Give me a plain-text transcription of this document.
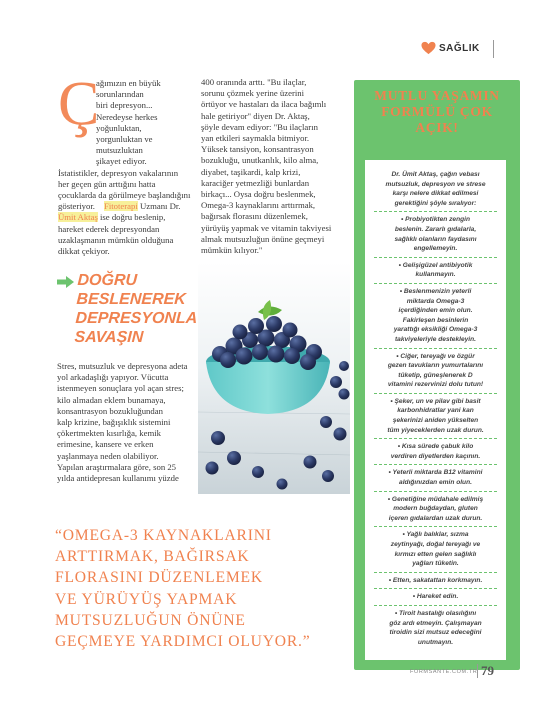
SAĞLIK
Ç
ağımızın en büyük
sorunlarından
biri depresyon...
Neredeyse herkes
yoğunluktan,
yorgunluktan ve
mutsuzluktan
şikayet ediyor.
İstatistikler, depresyon vakalarının
her geçen gün arttığını hatta
çocuklarda da görülmeye başlandığını
gösteriyor. Fitoterapi Uzmanı Dr.
Ümit Aktaş ise doğru beslenip,
hareket ederek depresyondan
uzaklaşmanın mümkün olduğuna
dikkat çekiyor.
400 oranında arttı. "Bu ilaçlar,
sorunu çözmek yerine üzerini
örtüyor ve hastaları da ilaca bağımlı
hale getiriyor" diyen Dr. Aktaş,
şöyle devam ediyor: "Bu ilaçların
yan etkileri saymakla bitmiyor.
Yüksek tansiyon, konsantrasyon
bozukluğu, unutkanlık, kilo alma,
diyabet, taşikardi, kalp krizi,
karaciğer yetmezliği bunlardan
birkaçı... Oysa doğru beslenmek,
Omega-3 kaynaklarını arttırmak,
bağırsak florasını düzenlemek,
yürüyüş yapmak ve vitamin takviyesi
almak mutsuzluğun önüne geçmeyi
mümkün kılıyor."
Stres, mutsuzluk ve depresyona adeta
yol arkadaşlığı yapıyor. Vücutta
istenmeyen sonuçlara yol açan stres;
kilo almadan eklem bunamaya,
konsantrasyon bozukluğundan
kalp krizine, bağışıklık sistemini
çökertmekten kısırlığa, kemik
erimesine, kansere ve erken
yaşlanmaya neden olabiliyor.
Yapılan araştırmalara göre, son 25
yılda antidepresan kullanımı yüzde
DOĞRU
BESLENEREK
DEPRESYONLA
SAVAŞIN
“OMEGA-3 KAYNAKLARINI
ARTTIRMAK, BAĞIRSAK
FLORASINI DÜZENLEMEK
VE YÜRÜYÜŞ YAPMAK
MUTSUZLUĞUN ÖNÜNE
GEÇMEYE YARDIMCI OLUYOR.”
MUTLU YAŞAMIN
FORMÜLÜ ÇOK
AÇIK!
Dr. Ümit Aktaş, çağın vebası
mutsuzluk, depresyon ve strese
karşı nelere dikkat edilmesi
gerektiğini şöyle sıralıyor:
• Probiyotikten zengin
beslenin. Zararlı gıdalarla,
sağlıklı olanların faydasını
engellemeyin.
• Gelişigüzel antibiyotik
kullanmayın.
• Beslenmenizin yeterli
miktarda Omega-3
içerdiğinden emin olun.
Fakirleşen besinlerin
yarattığı eksikliği Omega-3
takviyeleriyle destekleyin.
• Ciğer, tereyağı ve özgür
gezen tavukların yumurtalarını
tüketip, güneşlenerek D
vitamini rezervinizi dolu tutun!
• Şeker, un ve pilav gibi basit
karbonhidratlar yani kan
şekerinizi aniden yükselten
tüm yiyeceklerden uzak durun.
• Kısa sürede çabuk kilo
verdiren diyetlerden kaçının.
• Yeterli miktarda B12 vitamini
aldığınızdan emin olun.
• Genetiğine müdahale edilmiş
modern buğdaydan, gluten
içeren gıdalardan uzak durun.
• Yağlı balıklar, sızma
zeytinyağı, doğal tereyağı ve
kırmızı etten gelen sağlıklı
yağları tüketin.
• Etten, sakatattan korkmayın.
• Hareket edin.
• Tiroit hastalığı olasılığını
göz ardı etmeyin. Çalışmayan
tiroidin sizi mutsuz edeceğini
unutmayın.
FORMSANTE.COM.TR 79
